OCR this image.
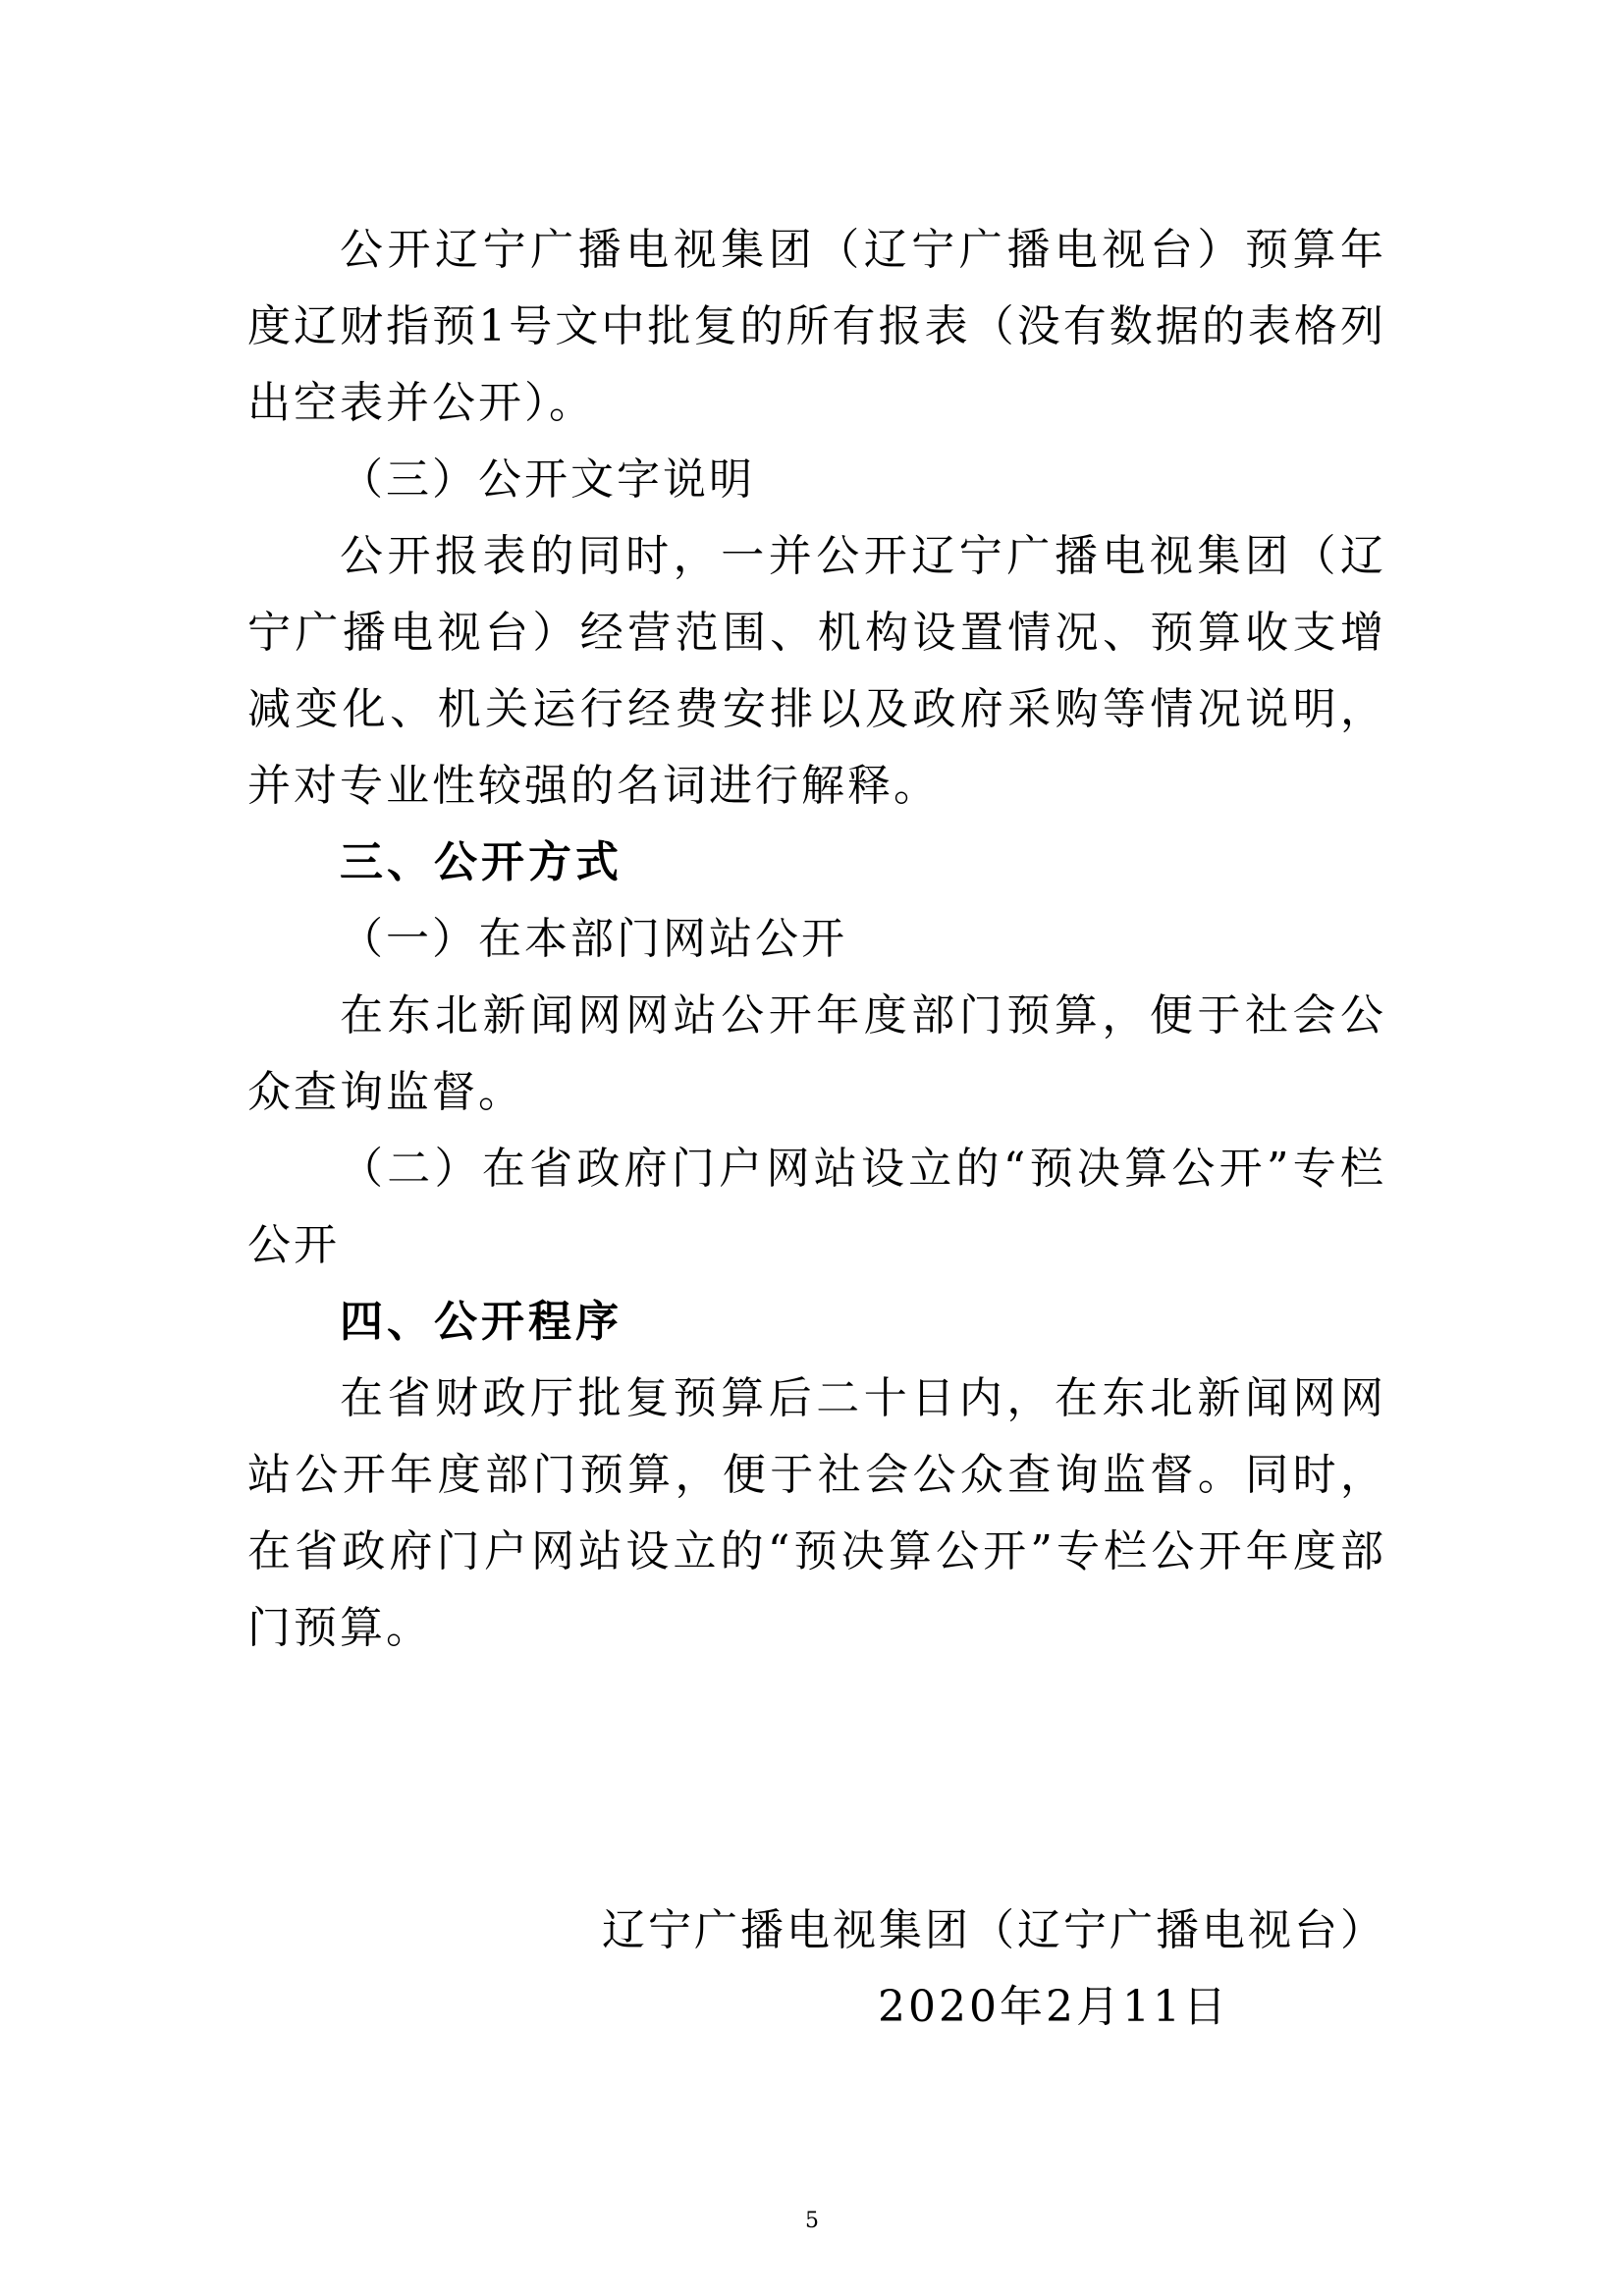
公开辽宁广播电视集团（辽宁广播电视台）预算年度辽财指预1号文中批复的所有报表（没有数据的表格列出空表并公开）。

（三）公开文字说明

公开报表的同时，一并公开辽宁广播电视集团（辽宁广播电视台）经营范围、机构设置情况、预算收支增减变化、机关运行经费安排以及政府采购等情况说明，并对专业性较强的名词进行解释。

三、公开方式

（一）在本部门网站公开

在东北新闻网网站公开年度部门预算，便于社会公众查询监督。

（二）在省政府门户网站设立的“预决算公开”专栏公开

四、公开程序

在省财政厅批复预算后二十日内，在东北新闻网网站公开年度部门预算，便于社会公众查询监督。同时，在省政府门户网站设立的“预决算公开”专栏公开年度部门预算。

辽宁广播电视集团（辽宁广播电视台）
2020年2月11日
5
